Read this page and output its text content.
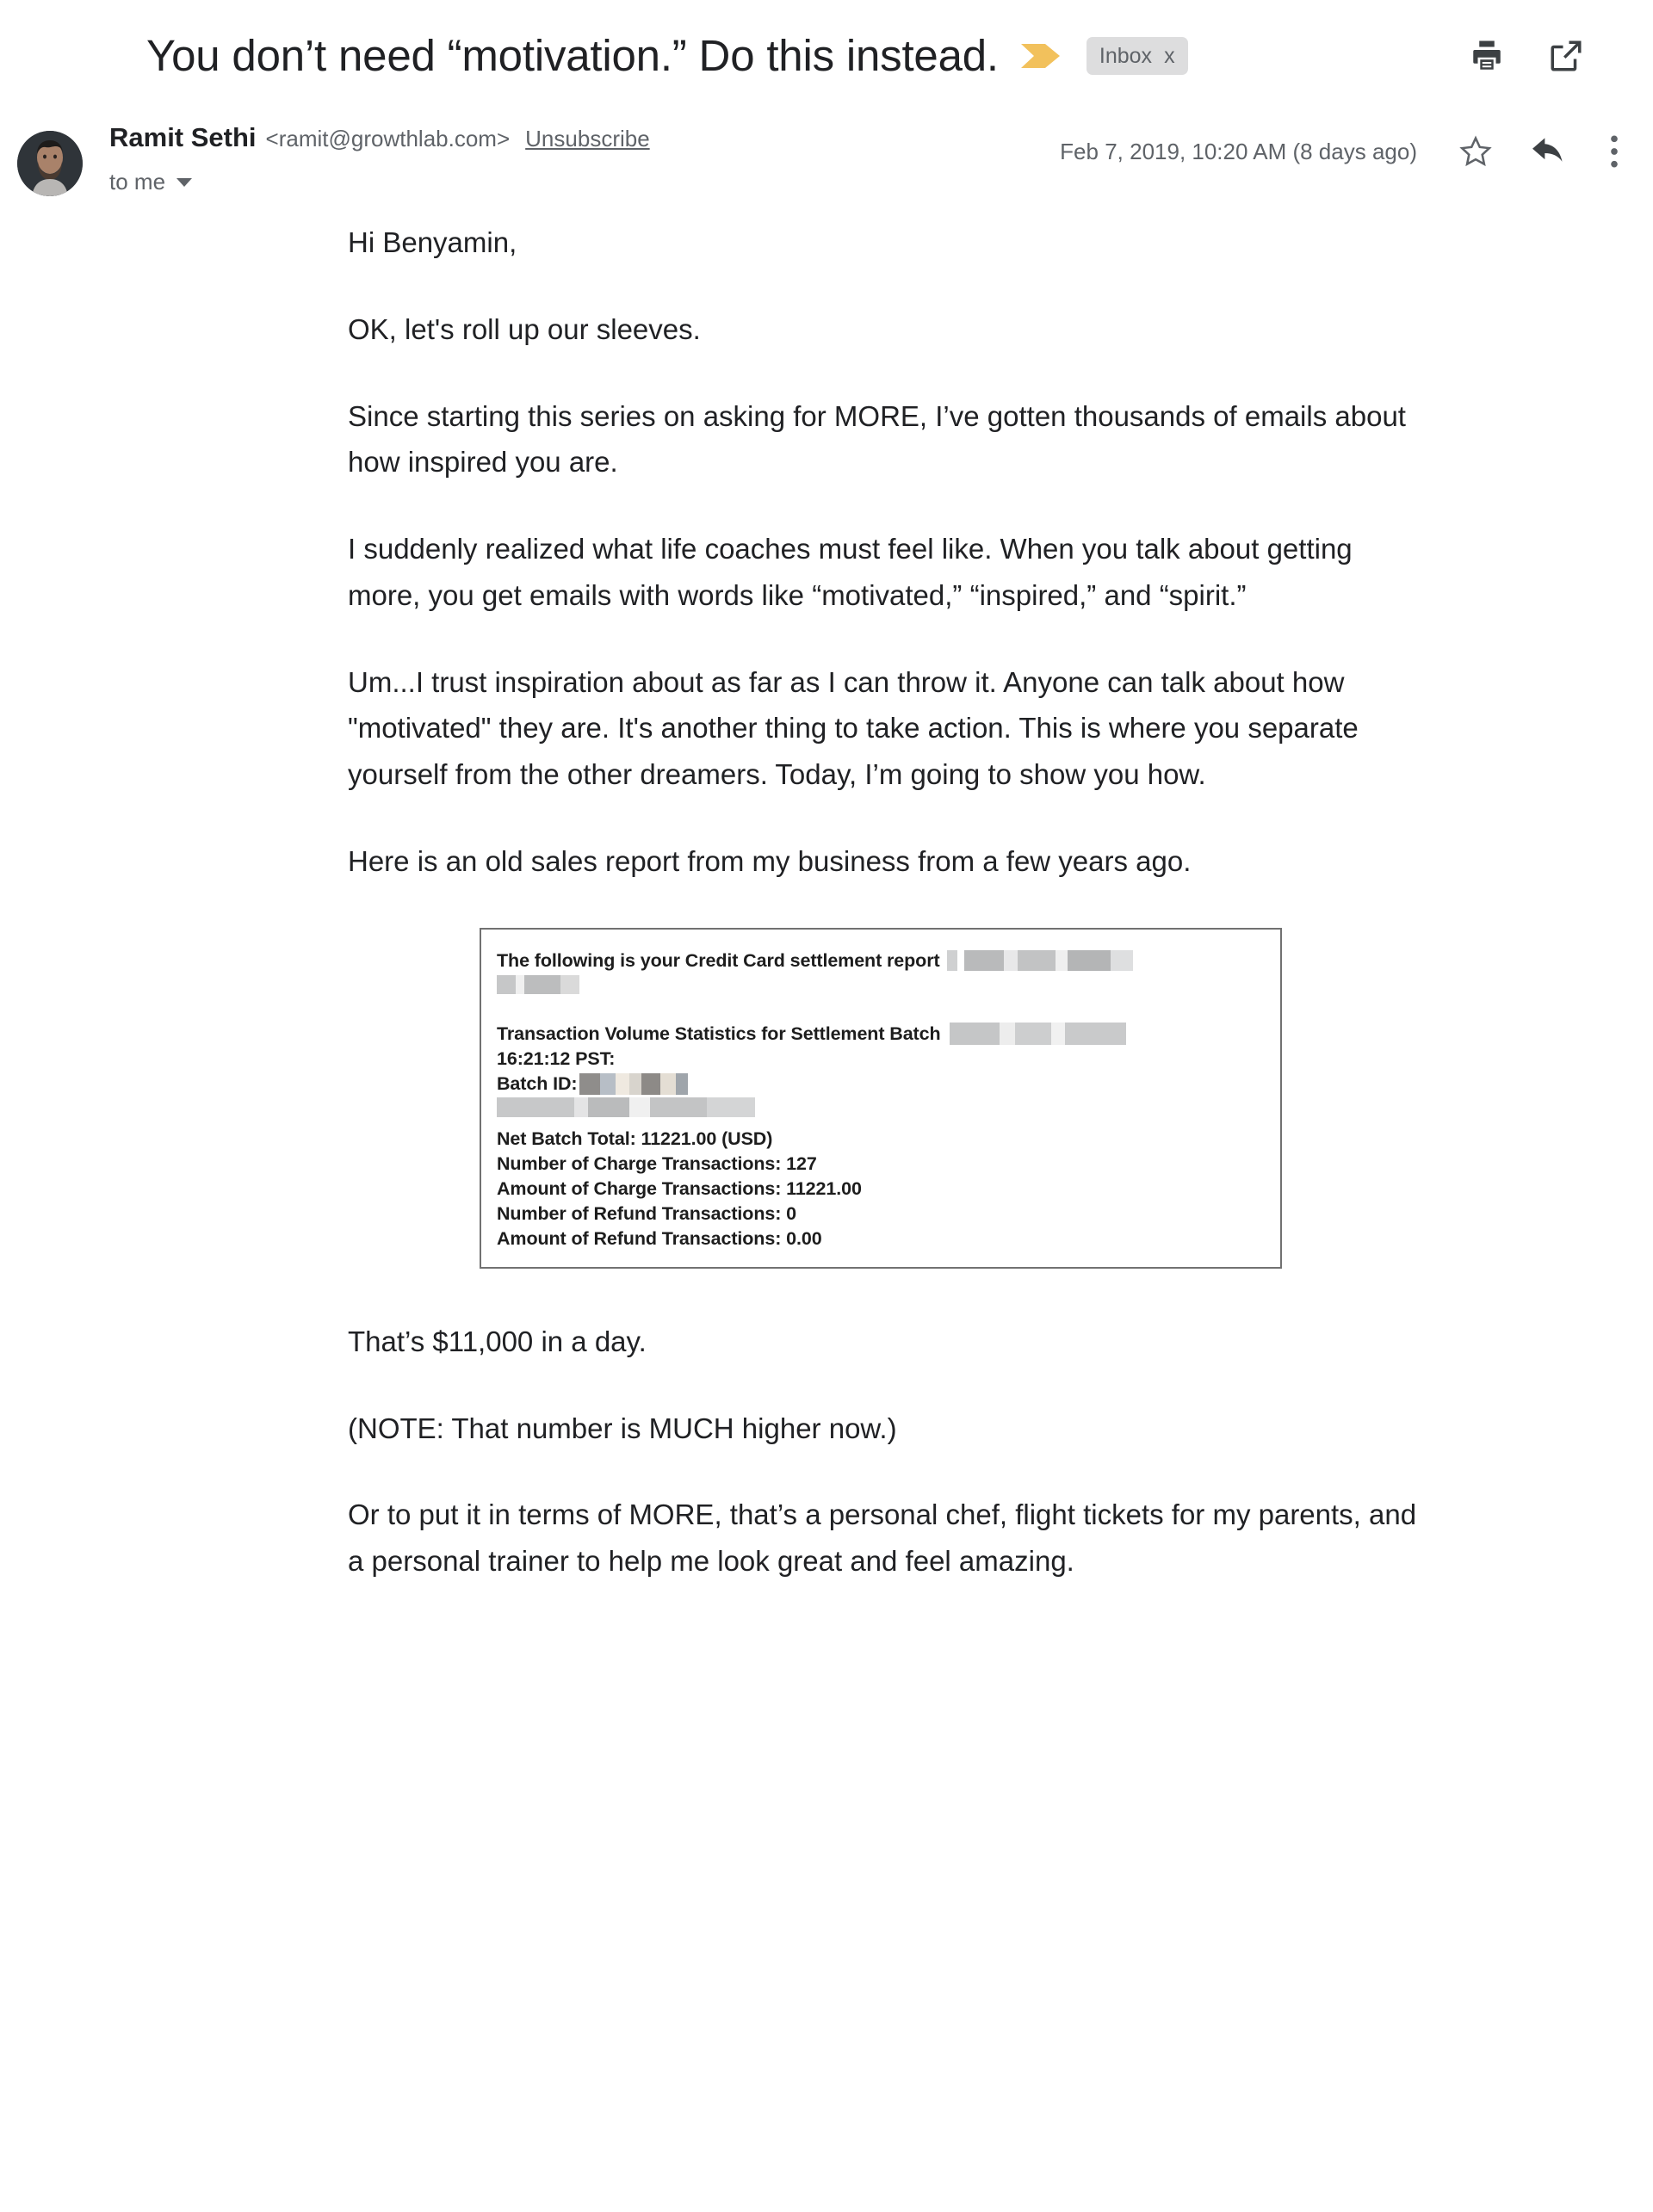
You don’t need “motivation.” Do this instead.	Inbox x
Ramit Sethi <ramit@growthlab.com> Unsubscribe
to me
Feb 7, 2019, 10:20 AM (8 days ago)

Hi Benyamin,

OK, let's roll up our sleeves.

Since starting this series on asking for MORE, I’ve gotten thousands of emails about how inspired you are.

I suddenly realized what life coaches must feel like. When you talk about getting more, you get emails with words like “motivated,” “inspired,” and “spirit.”

Um...I trust inspiration about as far as I can throw it. Anyone can talk about how "motivated" they are. It's another thing to take action. This is where you separate yourself from the other dreamers. Today, I’m going to show you how.

Here is an old sales report from my business from a few years ago.

The following is your Credit Card settlement report
Transaction Volume Statistics for Settlement Batch
16:21:12 PST:
Batch ID:
Net Batch Total: 11221.00 (USD)
Number of Charge Transactions: 127
Amount of Charge Transactions: 11221.00
Number of Refund Transactions: 0
Amount of Refund Transactions: 0.00

That’s $11,000 in a day.

(NOTE: That number is MUCH higher now.)

Or to put it in terms of MORE, that’s a personal chef, flight tickets for my parents, and a personal trainer to help me look great and feel amazing.
